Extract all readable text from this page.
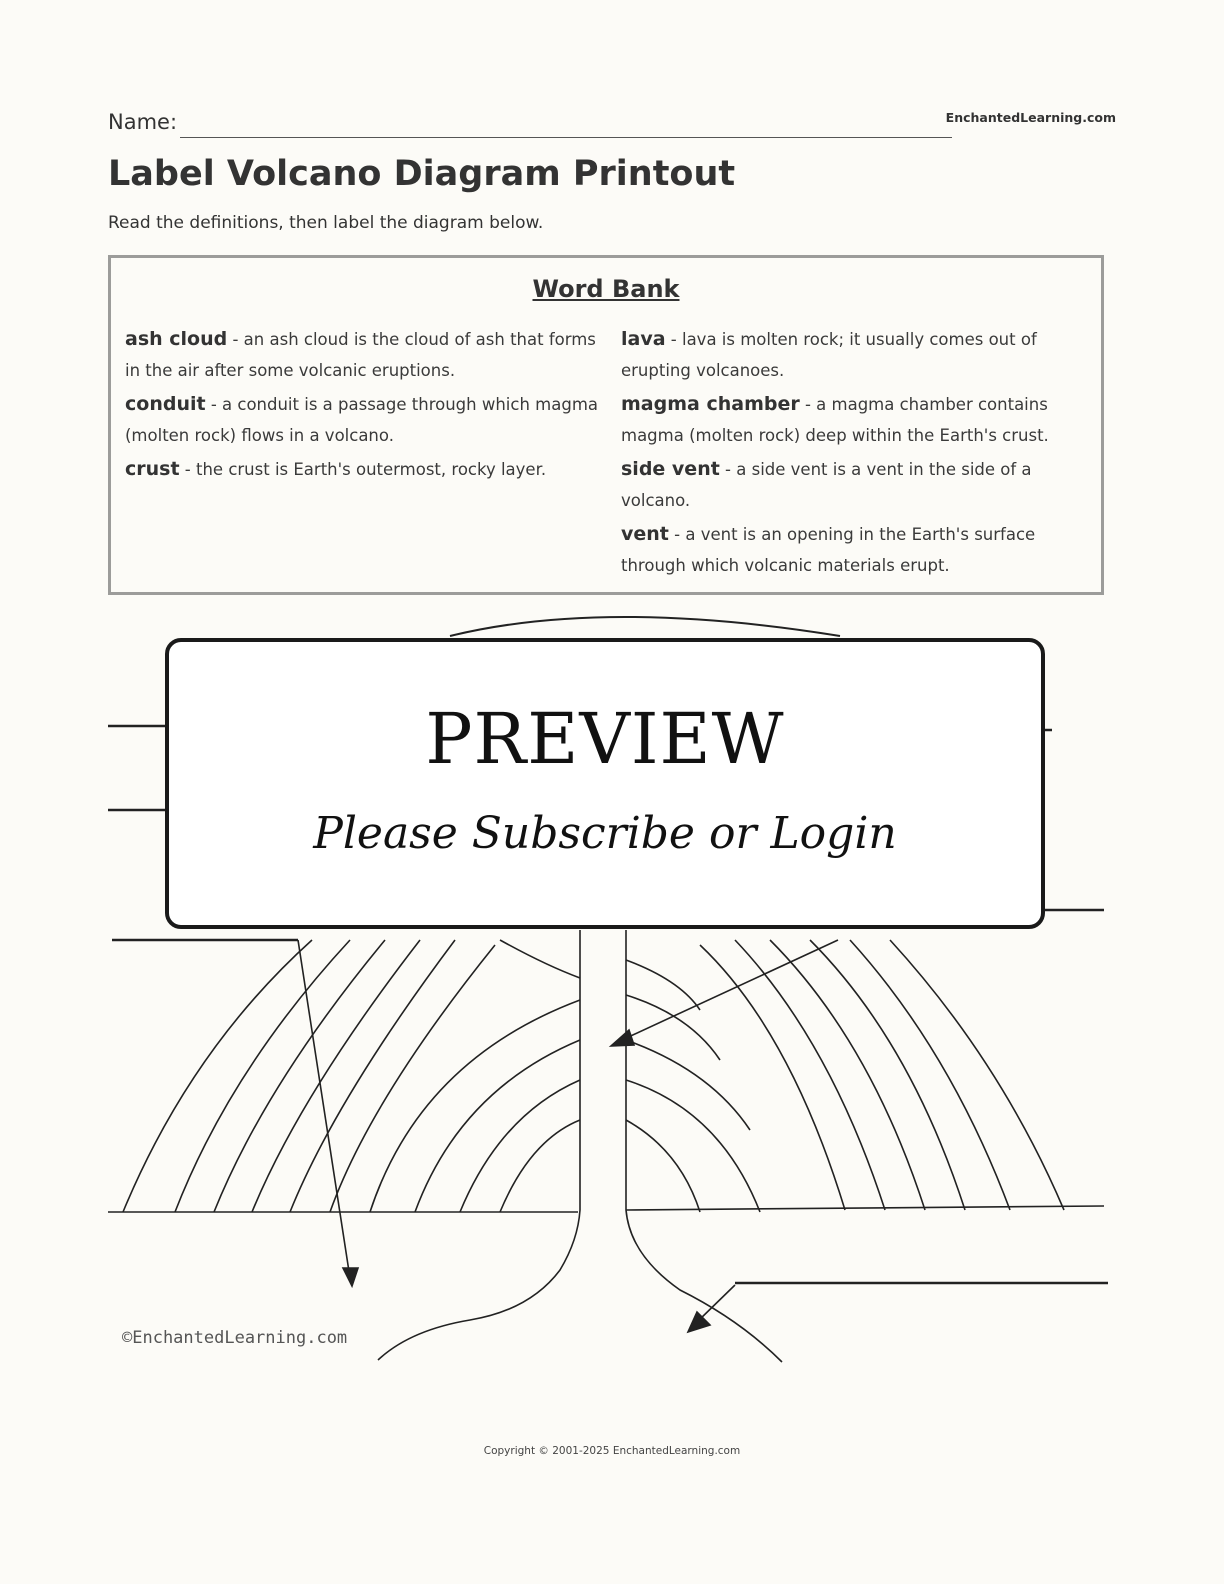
Name:	EnchantedLearning.com
Label Volcano Diagram Printout
Read the definitions, then label the diagram below.
Word Bank
ash cloud - an ash cloud is the cloud of ash that forms in the air after some volcanic eruptions.
conduit - a conduit is a passage through which magma (molten rock) flows in a volcano.
crust - the crust is Earth's outermost, rocky layer.
lava - lava is molten rock; it usually comes out of erupting volcanoes.
magma chamber - a magma chamber contains magma (molten rock) deep within the Earth's crust.
side vent - a side vent is a vent in the side of a volcano.
vent - a vent is an opening in the Earth's surface through which volcanic materials erupt.
PREVIEW
Please Subscribe or Login
©EnchantedLearning.com
Copyright © 2001-2025 EnchantedLearning.com
